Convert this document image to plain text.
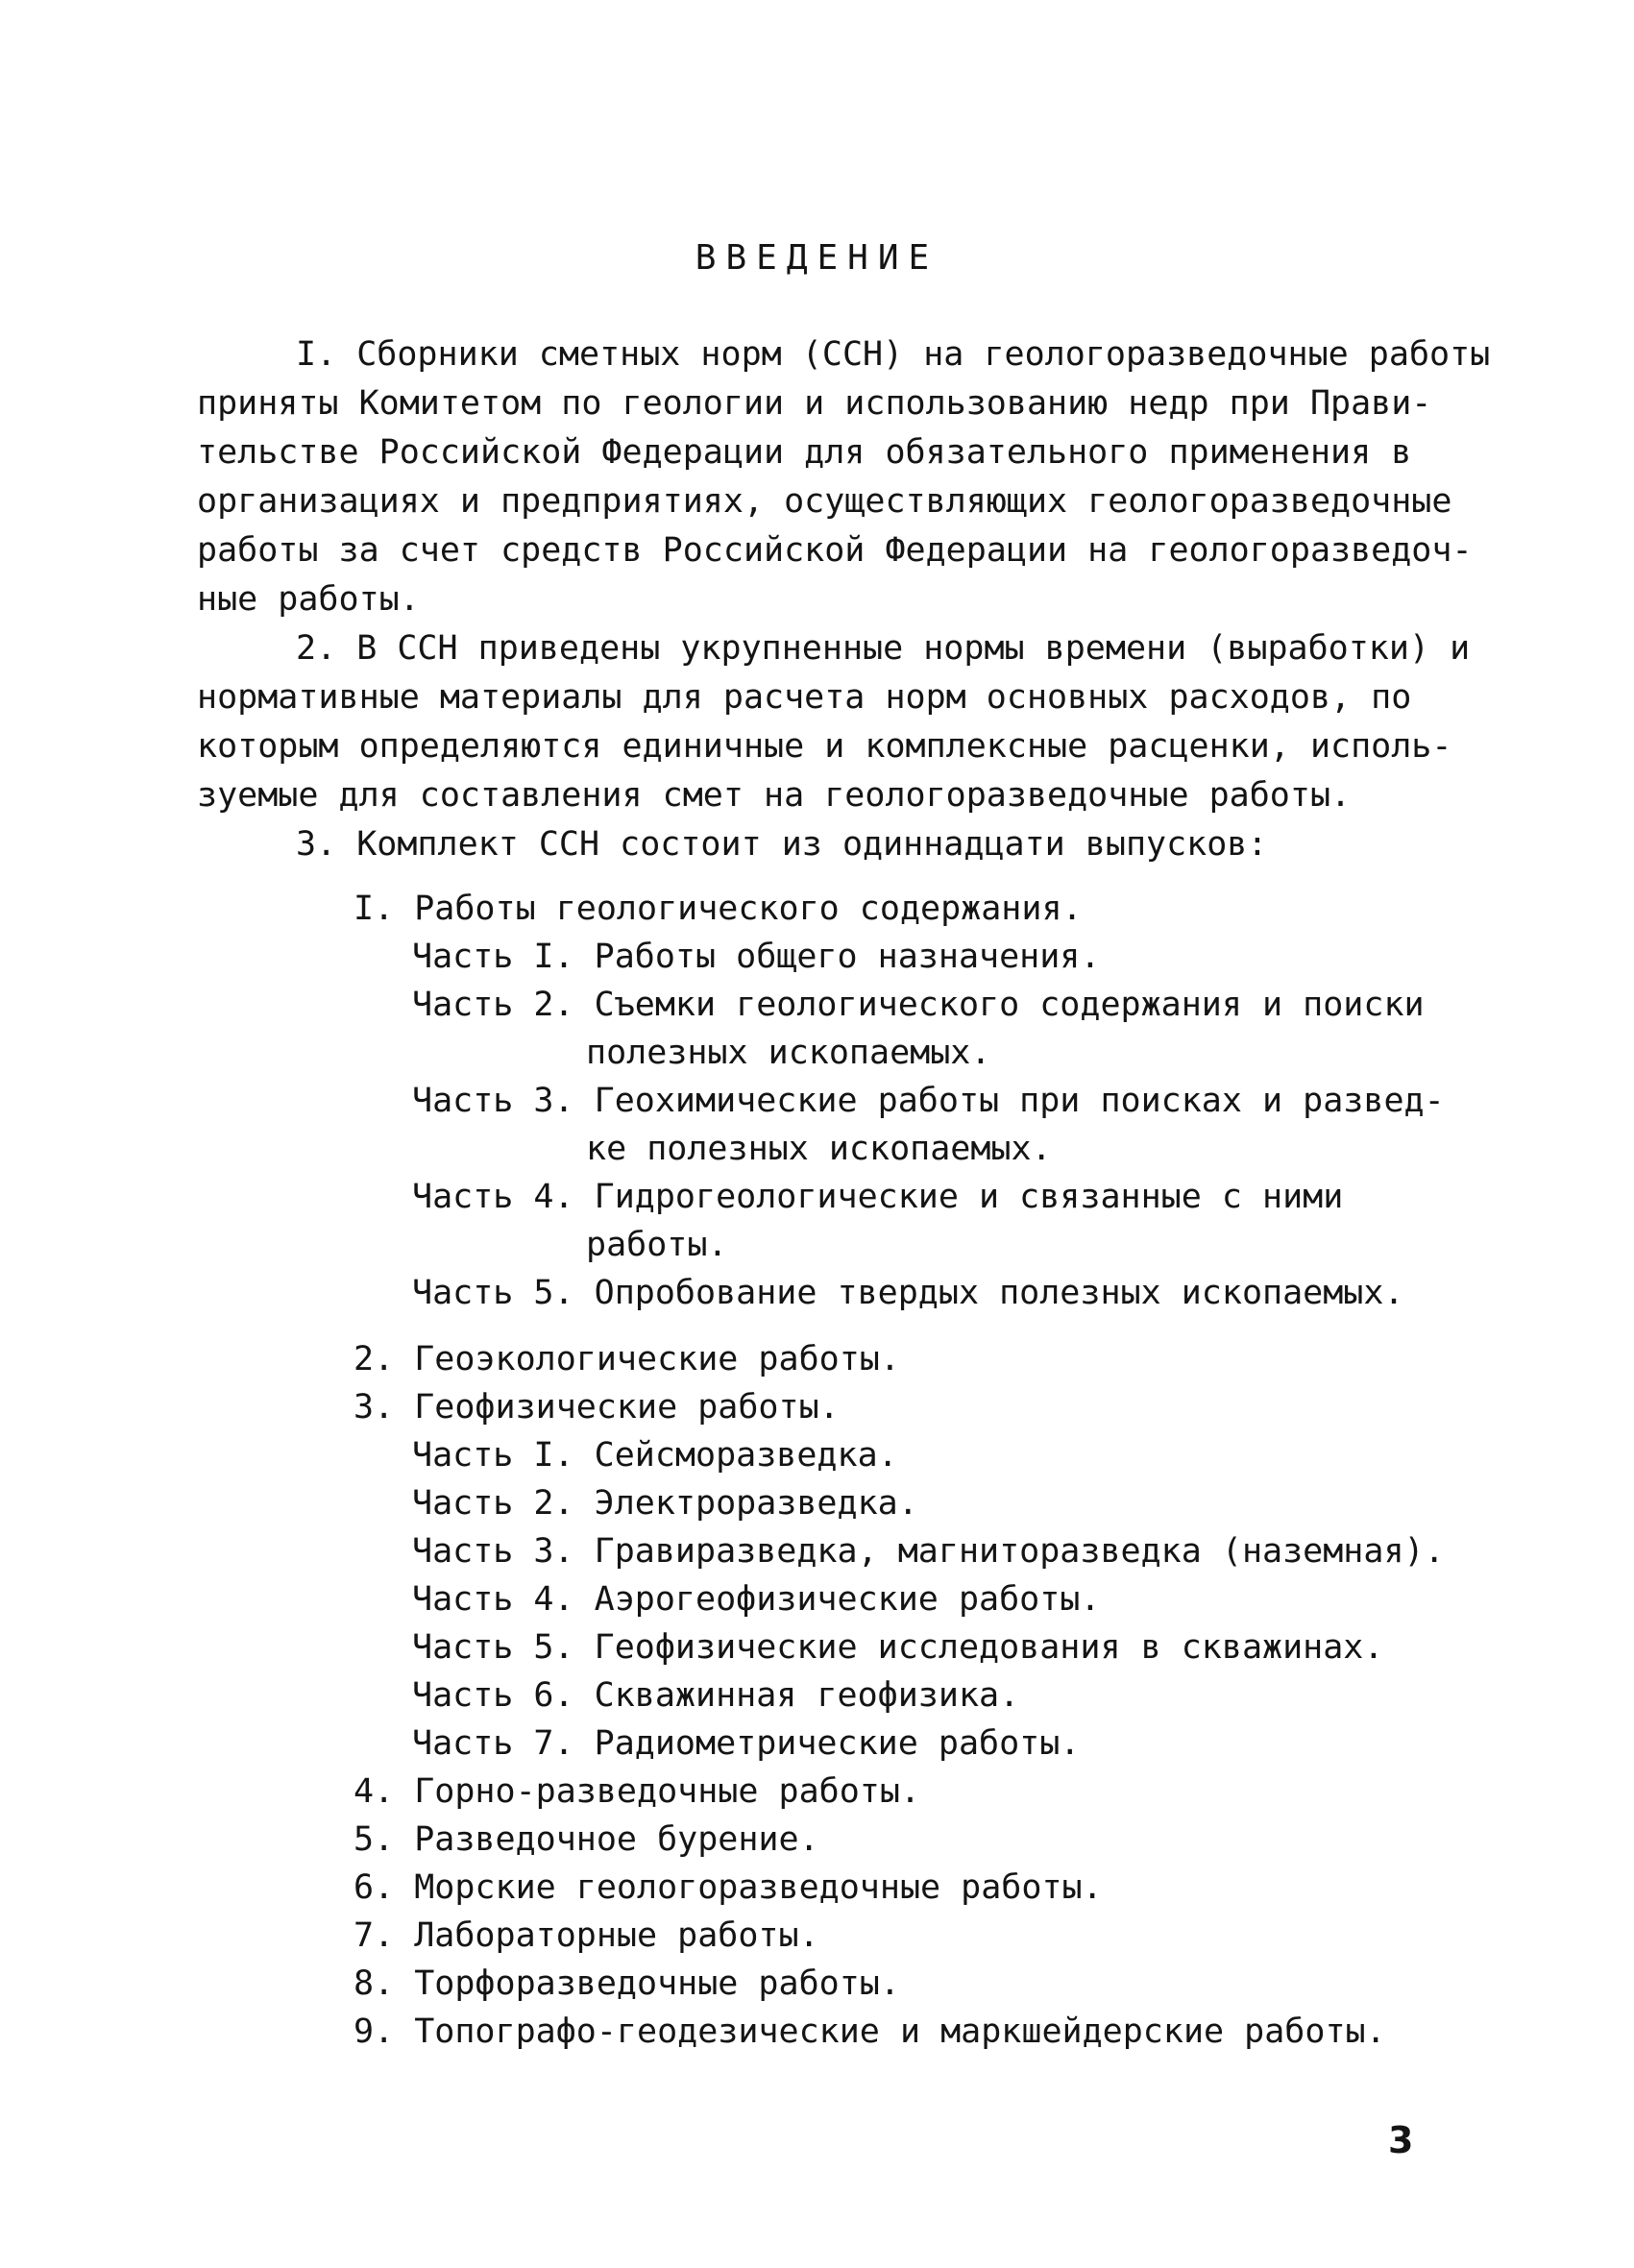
ВВЕДЕНИЕ
I. Сборники сметных норм (ССН) на геологоразведочные работы
приняты Комитетом по геологии и использованию недр при Прави-
тельстве Российской Федерации для обязательного применения в
организациях и предприятиях, осуществляющих геологоразведочные
работы за счет средств Российской Федерации на геологоразведоч-
ные работы.
2. В ССН приведены укрупненные нормы времени (выработки) и
нормативные материалы для расчета норм основных расходов, по
которым определяются единичные и комплексные расценки, исполь-
зуемые для составления смет на геологоразведочные работы.
3. Комплект ССН состоит из одиннадцати выпусков:
I. Работы геологического содержания.
Часть I. Работы общего назначения.
Часть 2. Съемки геологического содержания и поиски
полезных ископаемых.
Часть 3. Геохимические работы при поисках и развед-
ке полезных ископаемых.
Часть 4. Гидрогеологические и связанные с ними
работы.
Часть 5. Опробование твердых полезных ископаемых.
2. Геоэкологические работы.
3. Геофизические работы.
Часть I. Сейсморазведка.
Часть 2. Электроразведка.
Часть 3. Гравиразведка, магниторазведка (наземная).
Часть 4. Аэрогеофизические работы.
Часть 5. Геофизические исследования в скважинах.
Часть 6. Скважинная геофизика.
Часть 7. Радиометрические работы.
4. Горно-разведочные работы.
5. Разведочное бурение.
6. Морские геологоразведочные работы.
7. Лабораторные работы.
8. Торфоразведочные работы.
9. Топографо-геодезические и маркшейдерские работы.
3
